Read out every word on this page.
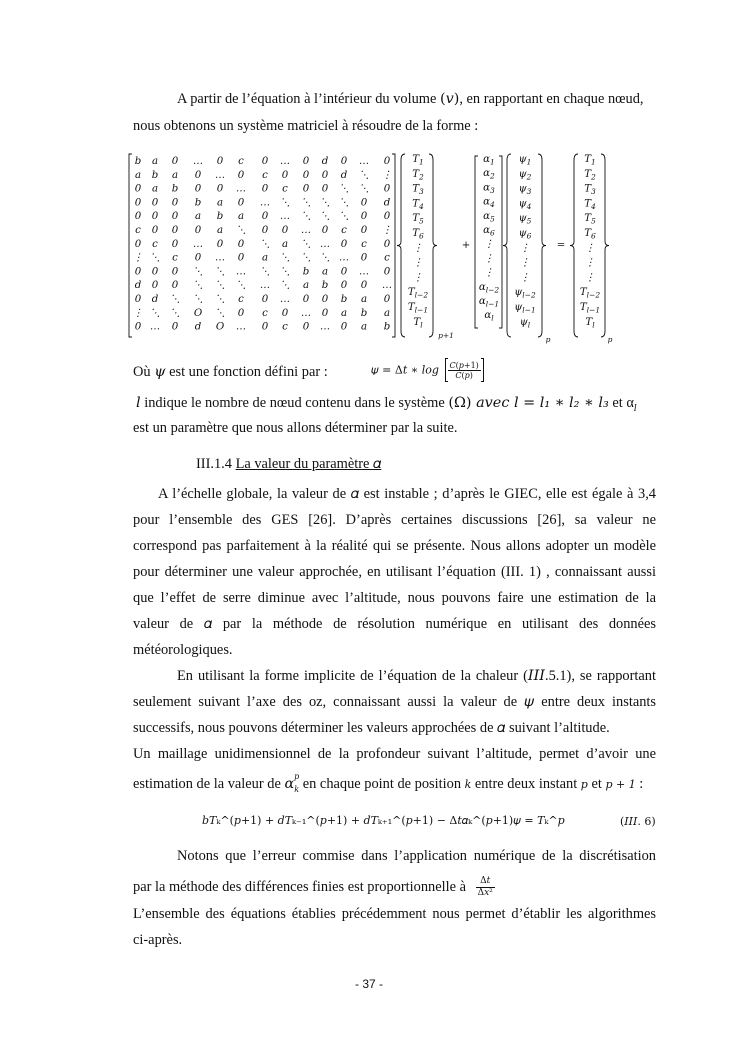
A partir de l’équation à l’intérieur du volume (𝑣), en rapportant en chaque nœud,
nous obtenons un système matriciel à résoudre de la forme :
b a 0 … 0 c 0 … 0 d 0 … 0
a b a 0 … 0 c 0 0 0 d ⋱ ⋮
0 a b 0 0 … 0 c 0 0 ⋱ ⋱ 0
0 0 0 b a 0 … ⋱ ⋱ ⋱ ⋱ 0 d
0 0 0 a b a 0 … ⋱ ⋱ ⋱ 0 0
c 0 0 0 a ⋱ 0 0 … 0 c 0 ⋮
0 c 0 … 0 0 ⋱ a ⋱ … 0 c 0
⋮ ⋱ c 0 … 0 a ⋱ ⋱ ⋱ … 0 c
0 0 0 ⋱ ⋱ … ⋱ ⋱ b a 0 … 0
d 0 0 ⋱ ⋱ ⋱ … ⋱ a b 0 0 …
0 d ⋱ ⋱ ⋱ c 0 … 0 0 b a 0
⋮ ⋱ ⋱ O ⋱ 0 c 0 … 0 a b a
0 … 0 d O … 0 c 0 … 0 a b
$T_1$
$T_2$
$T_3$
$T_4$
$T_5$
$T_6$
⋮
⋮
⋮
$T_{l-2}$
$T_{l-1}$
$T_l$
p+1
+
$\alpha_1$
$\alpha_2$
$\alpha_3$
$\alpha_4$
$\alpha_5$
$\alpha_6$
⋮
⋮
⋮
$\alpha_{l-2}$
$\alpha_{l-1}$
$\alpha_l$
$\psi_1$
$\psi_2$
$\psi_3$
$\psi_4$
$\psi_5$
$\psi_6$
⋮
⋮
⋮
$\psi_{l-2}$
$\psi_{l-1}$
$\psi_l$
p
=
$T_1$
$T_2$
$T_3$
$T_4$
$T_5$
$T_6$
⋮
⋮
⋮
$T_{l-2}$
$T_{l-1}$
$T_l$
p
Où 𝜓 est une fonction défini par :	𝜓 = Δ𝑡 ∗ 𝑙𝑜𝑔 $\frac{\text{𝐶(𝑝+1)}}{\text{𝐶(𝑝)}}$
𝑙 indique le nombre de nœud contenu dans le système (Ω) 𝑎𝑣𝑒𝑐 𝑙 = 𝑙₁ ∗ 𝑙₂ ∗ 𝑙₃ et $\alpha_𝑙$
est un paramètre que nous allons déterminer par la suite.
III.1.4 La valeur du paramètre 𝛼
A l’échelle globale, la valeur de 𝛼 est instable ; d’après le GIEC, elle est égale à 3,4
pour l’ensemble des GES [26]. D’après certaines discussions [26], sa valeur ne
correspond pas parfaitement à la réalité qui se présente. Nous allons adopter un modèle
pour déterminer une valeur approchée, en utilisant l’équation (III. 1) , connaissant aussi
que l’effet de serre diminue avec l’altitude, nous pouvons faire une estimation de la
valeur de 𝛼 par la méthode de résolution numérique en utilisant des données
météorologiques.
En utilisant la forme implicite de l’équation de la chaleur (𝐼𝐼𝐼.5.1), se rapportant
seulement suivant l’axe des oz, connaissant aussi la valeur de 𝜓 entre deux instants
successifs, nous pouvons déterminer les valeurs approchées de 𝛼 suivant l’altitude.
Un maillage unidimensionnel de la profondeur suivant l’altitude, permet d’avoir une
estimation de la valeur de 𝛼$^𝑝_𝑘$ en chaque point de position 𝑘 entre deux instant 𝑝 et 𝑝 + 1 :
𝑏𝑇ₖ^(𝑝+1) + 𝑑𝑇ₖ₋₁^(𝑝+1) + 𝑑𝑇ₖ₊₁^(𝑝+1) − Δ𝑡𝛼ₖ^(𝑝+1)𝜓 = 𝑇ₖ^𝑝	(𝐼𝐼𝐼. 6)
Notons que l’erreur commise dans l’application numérique de la discrétisation
par la méthode des différences finies est proportionnelle à $\frac{\text{Δ𝑡}}{\text{Δ𝑥²}}$
L’ensemble des équations établies précédemment nous permet d’établir les algorithmes
ci-après.
- 37 -
